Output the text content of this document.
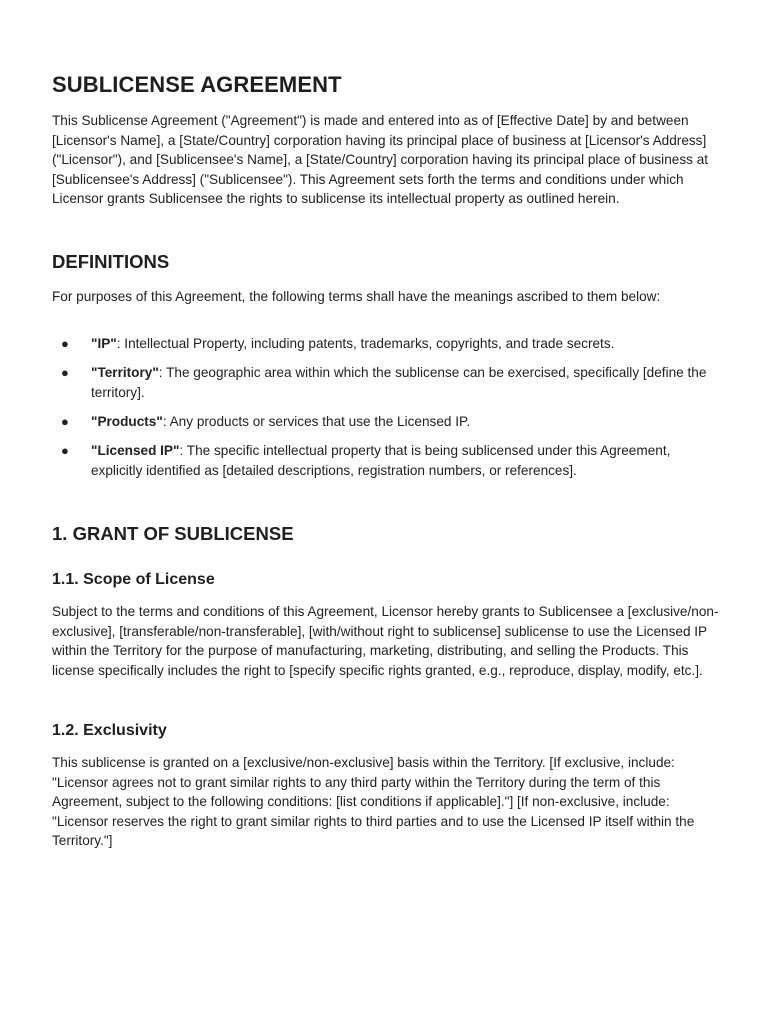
SUBLICENSE AGREEMENT

This Sublicense Agreement ("Agreement") is made and entered into as of [Effective Date] by and between [Licensor's Name], a [State/Country] corporation having its principal place of business at [Licensor's Address] ("Licensor"), and [Sublicensee's Name], a [State/Country] corporation having its principal place of business at [Sublicensee's Address] ("Sublicensee"). This Agreement sets forth the terms and conditions under which Licensor grants Sublicensee the rights to sublicense its intellectual property as outlined herein.

DEFINITIONS

For purposes of this Agreement, the following terms shall have the meanings ascribed to them below:

● "IP": Intellectual Property, including patents, trademarks, copyrights, and trade secrets.
● "Territory": The geographic area within which the sublicense can be exercised, specifically [define the territory].
● "Products": Any products or services that use the Licensed IP.
● "Licensed IP": The specific intellectual property that is being sublicensed under this Agreement, explicitly identified as [detailed descriptions, registration numbers, or references].
1. GRANT OF SUBLICENSE
1.1. Scope of License

Subject to the terms and conditions of this Agreement, Licensor hereby grants to Sublicensee a [exclusive/non-exclusive], [transferable/non-transferable], [with/without right to sublicense] sublicense to use the Licensed IP within the Territory for the purpose of manufacturing, marketing, distributing, and selling the Products. This license specifically includes the right to [specify specific rights granted, e.g., reproduce, display, modify, etc.].

1.2. Exclusivity

This sublicense is granted on a [exclusive/non-exclusive] basis within the Territory. [If exclusive, include: "Licensor agrees not to grant similar rights to any third party within the Territory during the term of this Agreement, subject to the following conditions: [list conditions if applicable]."] [If non-exclusive, include: "Licensor reserves the right to grant similar rights to third parties and to use the Licensed IP itself within the Territory."]
